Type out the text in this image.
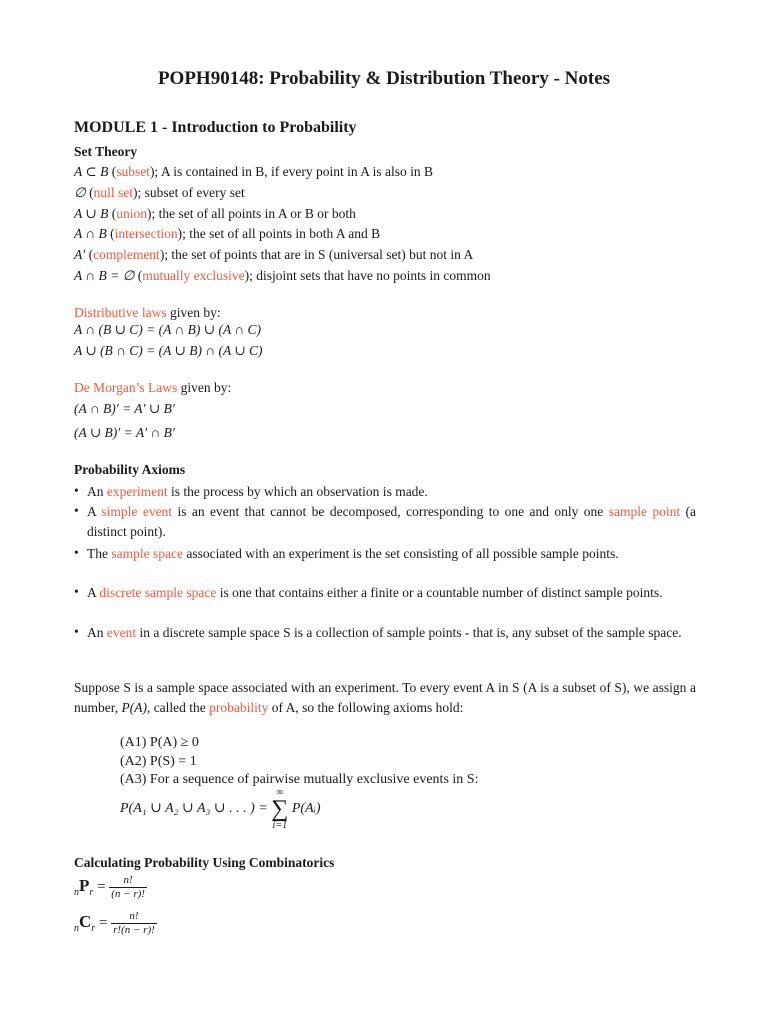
POPH90148: Probability & Distribution Theory - Notes
MODULE 1 - Introduction to Probability
Set Theory
A ⊂ B (subset); A is contained in B, if every point in A is also in B
∅ (null set); subset of every set
A ∪ B (union); the set of all points in A or B or both
A ∩ B (intersection); the set of all points in both A and B
A′ (complement); the set of points that are in S (universal set) but not in A
A ∩ B = ∅ (mutually exclusive); disjoint sets that have no points in common
Distributive laws given by:
A ∩ (B ∪ C) = (A ∩ B) ∪ (A ∩ C)
A ∪ (B ∩ C) = (A ∪ B) ∩ (A ∪ C)
De Morgan’s Laws given by:
(A ∩ B)′ = A′ ∪ B′
(A ∪ B)′ = A′ ∩ B′
Probability Axioms
• An experiment is the process by which an observation is made.
• A simple event is an event that cannot be decomposed, corresponding to one and only one sample point (a distinct point).
• The sample space associated with an experiment is the set consisting of all possible sample points.
• A discrete sample space is one that contains either a finite or a countable number of distinct sample points.
• An event in a discrete sample space S is a collection of sample points - that is, any subset of the sample space.
Suppose S is a sample space associated with an experiment. To every event A in S (A is a subset of S), we assign a number, P(A), called the probability of A, so the following axioms hold:
(A1) P(A) ≥ 0
(A2) P(S) = 1
(A3) For a sequence of pairwise mutually exclusive events in S:
P(A₁ ∪ A₂ ∪ A₃ ∪ . . . ) = ∞
∑
i=1 P(Aᵢ)
Calculating Probability Using Combinatorics
$_nP_r = \frac{n!}{(n - r)!}$
$_nC_r = \frac{n!}{r!(n - r)!}$
